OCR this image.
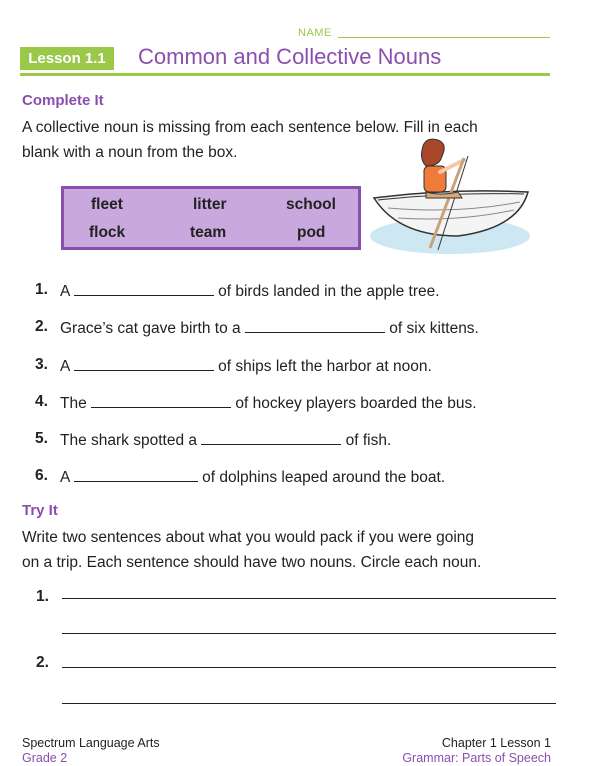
NAME
Lesson 1.1	Common and Collective Nouns
Complete It
A collective noun is missing from each sentence below. Fill in each
blank with a noun from the box.
fleet	litter	school
flock	team	pod
1. A	of birds landed in the apple tree.
2. Grace’s cat gave birth to a	of six kittens.
3. A	of ships left the harbor at noon.
4. The	of hockey players boarded the bus.
5. The shark spotted a	of fish.
6. A	of dolphins leaped around the boat.
Try It
Write two sentences about what you would pack if you were going
on a trip. Each sentence should have two nouns. Circle each noun.
1.
2.
Spectrum Language Arts
Grade 2
Chapter 1 Lesson 1
Grammar: Parts of Speech
